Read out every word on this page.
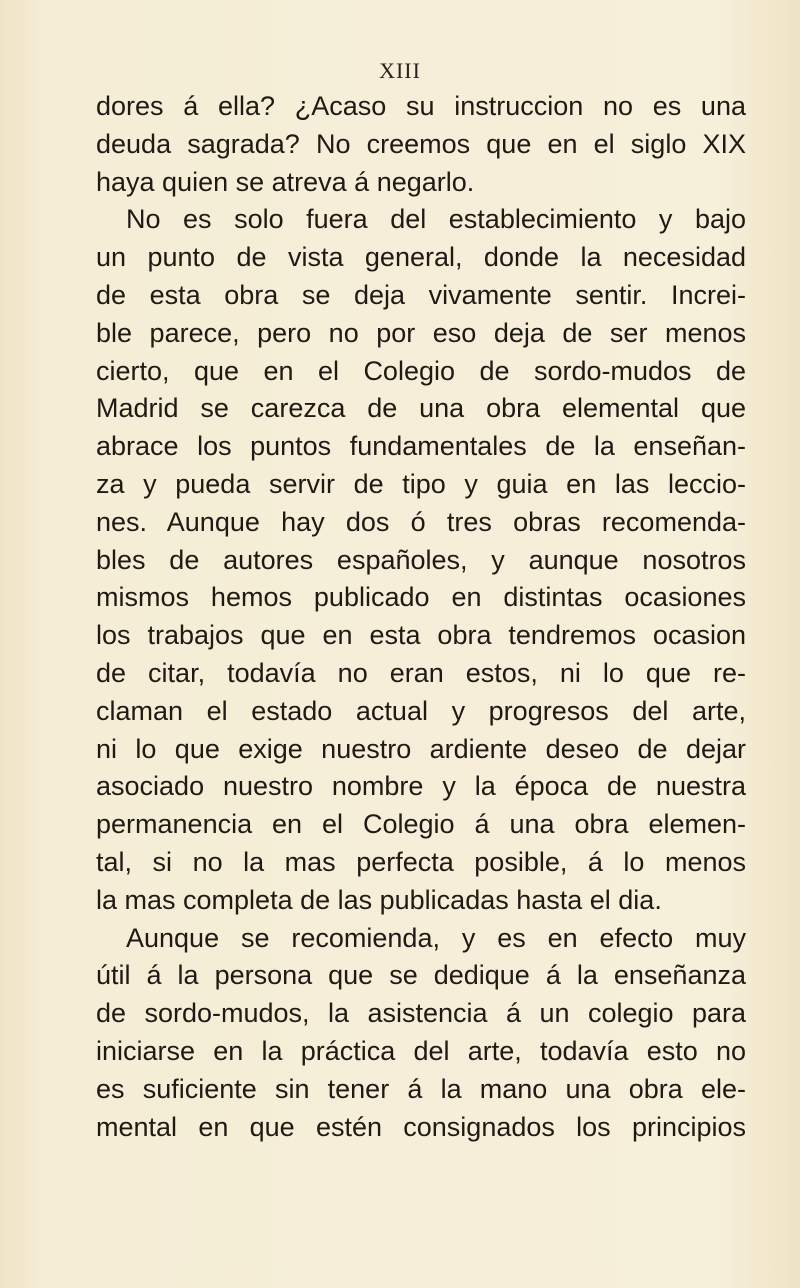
XIII
dores á ella? ¿Acaso su instruccion no es una
deuda sagrada? No creemos que en el siglo XIX
haya quien se atreva á negarlo.
No es solo fuera del establecimiento y bajo
un punto de vista general, donde la necesidad
de esta obra se deja vivamente sentir. Increi-
ble parece, pero no por eso deja de ser menos
cierto, que en el Colegio de sordo-mudos de
Madrid se carezca de una obra elemental que
abrace los puntos fundamentales de la enseñan-
za y pueda servir de tipo y guia en las leccio-
nes. Aunque hay dos ó tres obras recomenda-
bles de autores españoles, y aunque nosotros
mismos hemos publicado en distintas ocasiones
los trabajos que en esta obra tendremos ocasion
de citar, todavía no eran estos, ni lo que re-
claman el estado actual y progresos del arte,
ni lo que exige nuestro ardiente deseo de dejar
asociado nuestro nombre y la época de nuestra
permanencia en el Colegio á una obra elemen-
tal, si no la mas perfecta posible, á lo menos
la mas completa de las publicadas hasta el dia.
Aunque se recomienda, y es en efecto muy
útil á la persona que se dedique á la enseñanza
de sordo-mudos, la asistencia á un colegio para
iniciarse en la práctica del arte, todavía esto no
es suficiente sin tener á la mano una obra ele-
mental en que estén consignados los principios
